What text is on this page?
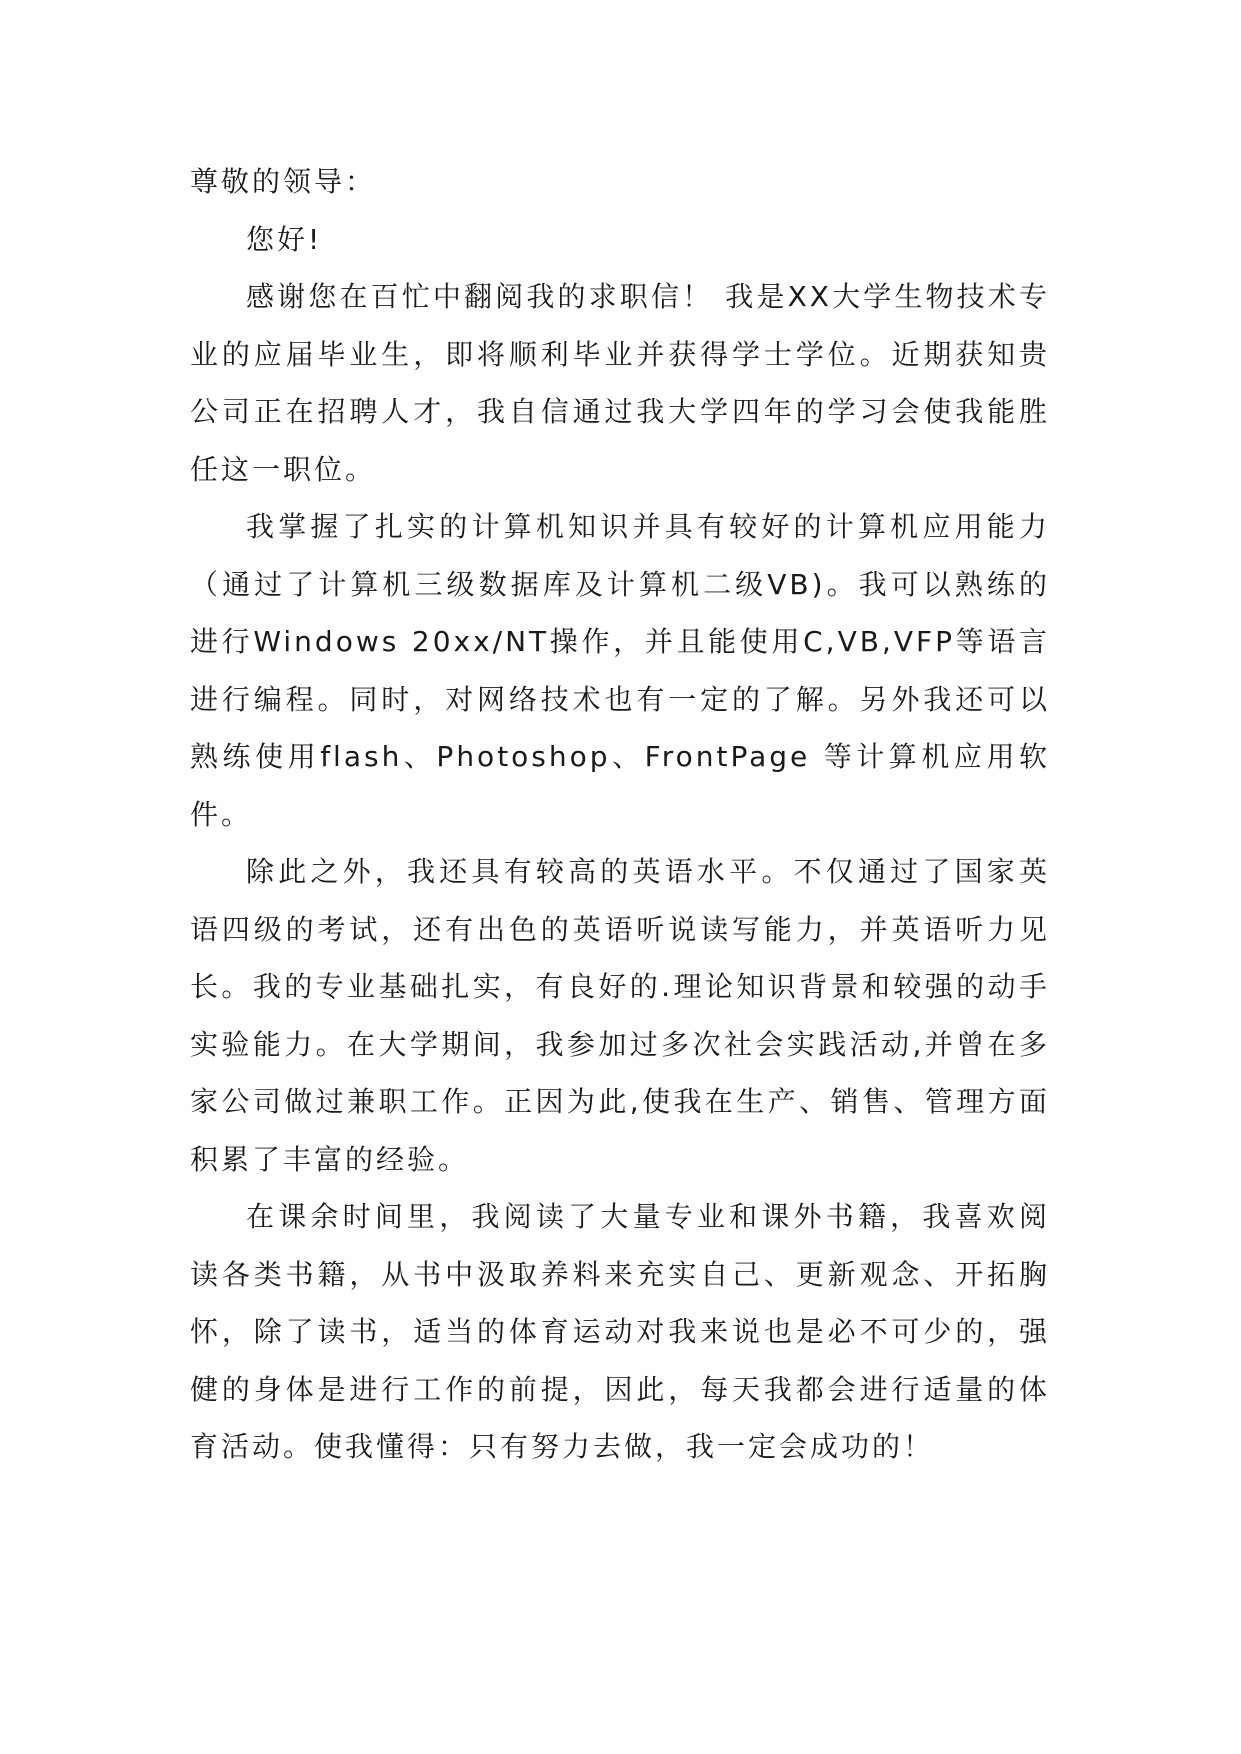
尊敬的领导：

您好!

感谢您在百忙中翻阅我的求职信！ 我是XX大学生物技术专业的应届毕业生，即将顺利毕业并获得学士学位。近期获知贵公司正在招聘人才，我自信通过我大学四年的学习会使我能胜任这一职位。

我掌握了扎实的计算机知识并具有较好的计算机应用能力（通过了计算机三级数据库及计算机二级VB)。我可以熟练的进行Windows 20xx/NT操作，并且能使用C,VB,VFP等语言进行编程。同时，对网络技术也有一定的了解。另外我还可以熟练使用flash、Photoshop、FrontPage 等计算机应用软件。

除此之外，我还具有较高的英语水平。不仅通过了国家英语四级的考试，还有出色的英语听说读写能力，并英语听力见长。我的专业基础扎实，有良好的.理论知识背景和较强的动手实验能力。在大学期间，我参加过多次社会实践活动,并曾在多家公司做过兼职工作。正因为此,使我在生产、销售、管理方面积累了丰富的经验。

在课余时间里，我阅读了大量专业和课外书籍，我喜欢阅读各类书籍，从书中汲取养料来充实自己、更新观念、开拓胸怀，除了读书，适当的体育运动对我来说也是必不可少的，强健的身体是进行工作的前提，因此，每天我都会进行适量的体育活动。使我懂得：只有努力去做，我一定会成功的！
